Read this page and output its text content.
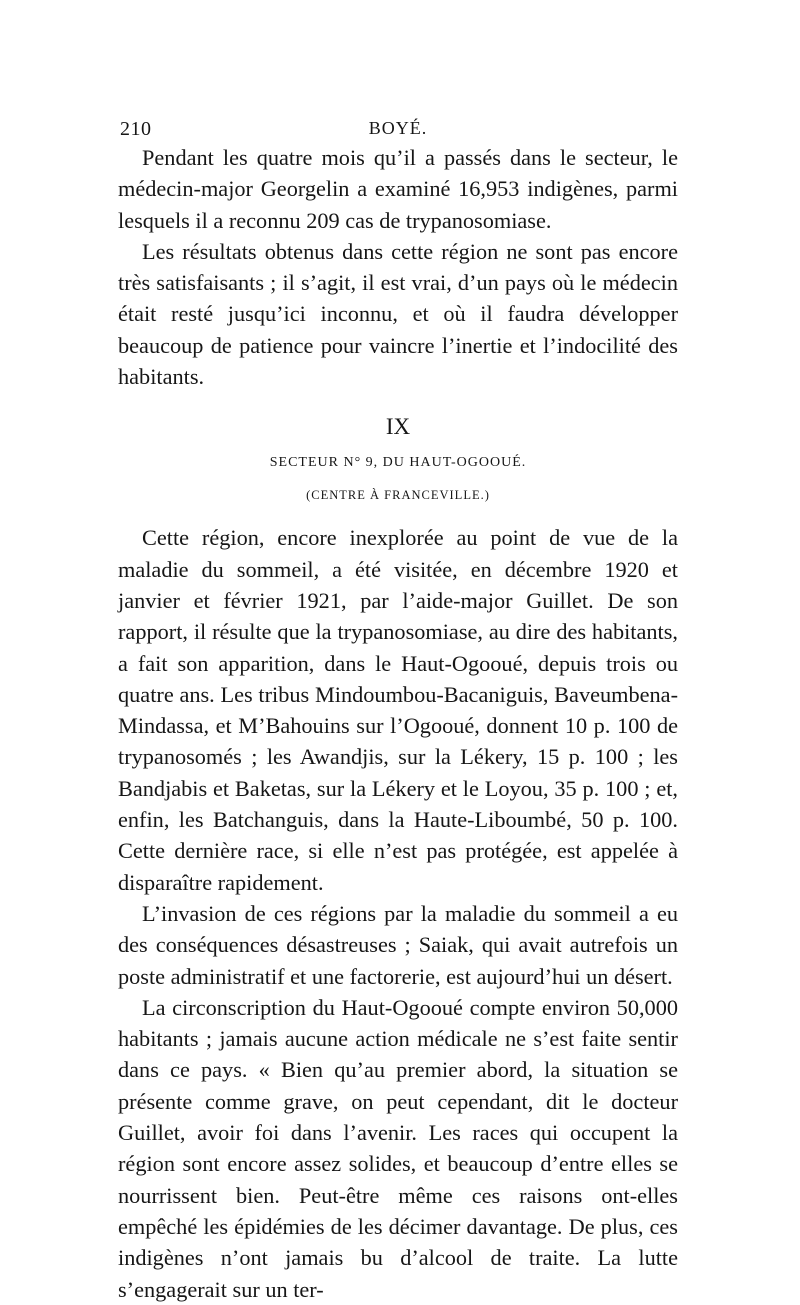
210	BOYÉ.

Pendant les quatre mois qu’il a passés dans le secteur, le médecin-major Georgelin a examiné 16,953 indigènes, parmi lesquels il a reconnu 209 cas de trypanosomiase.

Les résultats obtenus dans cette région ne sont pas encore très satisfaisants ; il s’agit, il est vrai, d’un pays où le médecin était resté jusqu’ici inconnu, et où il faudra développer beaucoup de patience pour vaincre l’inertie et l’indocilité des habitants.

IX
SECTEUR N° 9, DU HAUT-OGOOUÉ.
(CENTRE À FRANCEVILLE.)

Cette région, encore inexplorée au point de vue de la maladie du sommeil, a été visitée, en décembre 1920 et janvier et février 1921, par l’aide-major Guillet. De son rapport, il résulte que la trypanosomiase, au dire des habitants, a fait son apparition, dans le Haut-Ogooué, depuis trois ou quatre ans. Les tribus Mindoumbou-Bacaniguis, Baveumbena-Mindassa, et M’Bahouins sur l’Ogooué, donnent 10 p. 100 de trypanosomés ; les Awandjis, sur la Lékery, 15 p. 100 ; les Bandjabis et Baketas, sur la Lékery et le Loyou, 35 p. 100 ; et, enfin, les Batchanguis, dans la Haute-Liboumbé, 50 p. 100. Cette dernière race, si elle n’est pas protégée, est appelée à disparaître rapidement.

L’invasion de ces régions par la maladie du sommeil a eu des conséquences désastreuses ; Saiak, qui avait autrefois un poste administratif et une factorerie, est aujourd’hui un désert.

La circonscription du Haut-Ogooué compte environ 50,000 habitants ; jamais aucune action médicale ne s’est faite sentir dans ce pays. « Bien qu’au premier abord, la situation se présente comme grave, on peut cependant, dit le docteur Guillet, avoir foi dans l’avenir. Les races qui occupent la région sont encore assez solides, et beaucoup d’entre elles se nourrissent bien. Peut-être même ces raisons ont-elles empêché les épidémies de les décimer davantage. De plus, ces indigènes n’ont jamais bu d’alcool de traite. La lutte s’engagerait sur un ter-
